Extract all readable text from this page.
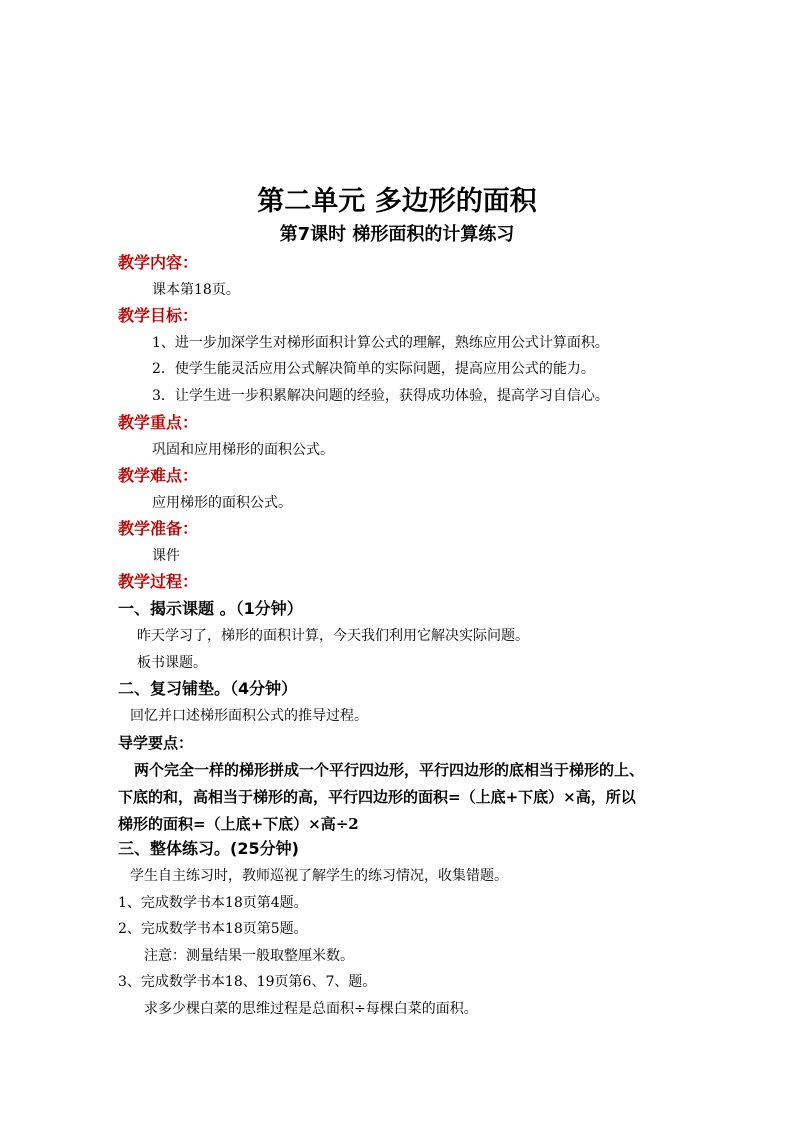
第二单元 多边形的面积
第7课时 梯形面积的计算练习
教学内容：
课本第18页。
教学目标：
1、进一步加深学生对梯形面积计算公式的理解，熟练应用公式计算面积。
2．使学生能灵活应用公式解决简单的实际问题，提高应用公式的能力。
3．让学生进一步积累解决问题的经验，获得成功体验，提高学习自信心。
教学重点：
巩固和应用梯形的面积公式。
教学难点：
应用梯形的面积公式。
教学准备：
课件
教学过程：
一、揭示课题 。（1分钟）
昨天学习了，梯形的面积计算，今天我们利用它解决实际问题。
板书课题。
二、复习铺垫。（4分钟）
回忆并口述梯形面积公式的推导过程。
导学要点：
两个完全一样的梯形拼成一个平行四边形，平行四边形的底相当于梯形的上、
下底的和，高相当于梯形的高，平行四边形的面积=（上底+下底）×高，所以
梯形的面积=（上底+下底）×高÷2
三、整体练习。(25分钟)
学生自主练习时，教师巡视了解学生的练习情况，收集错题。
1、完成数学书本18页第4题。
2、完成数学书本18页第5题。
注意：测量结果一般取整厘米数。
3、完成数学书本18、19页第6、7、题。
求多少棵白菜的思维过程是总面积÷每棵白菜的面积。
